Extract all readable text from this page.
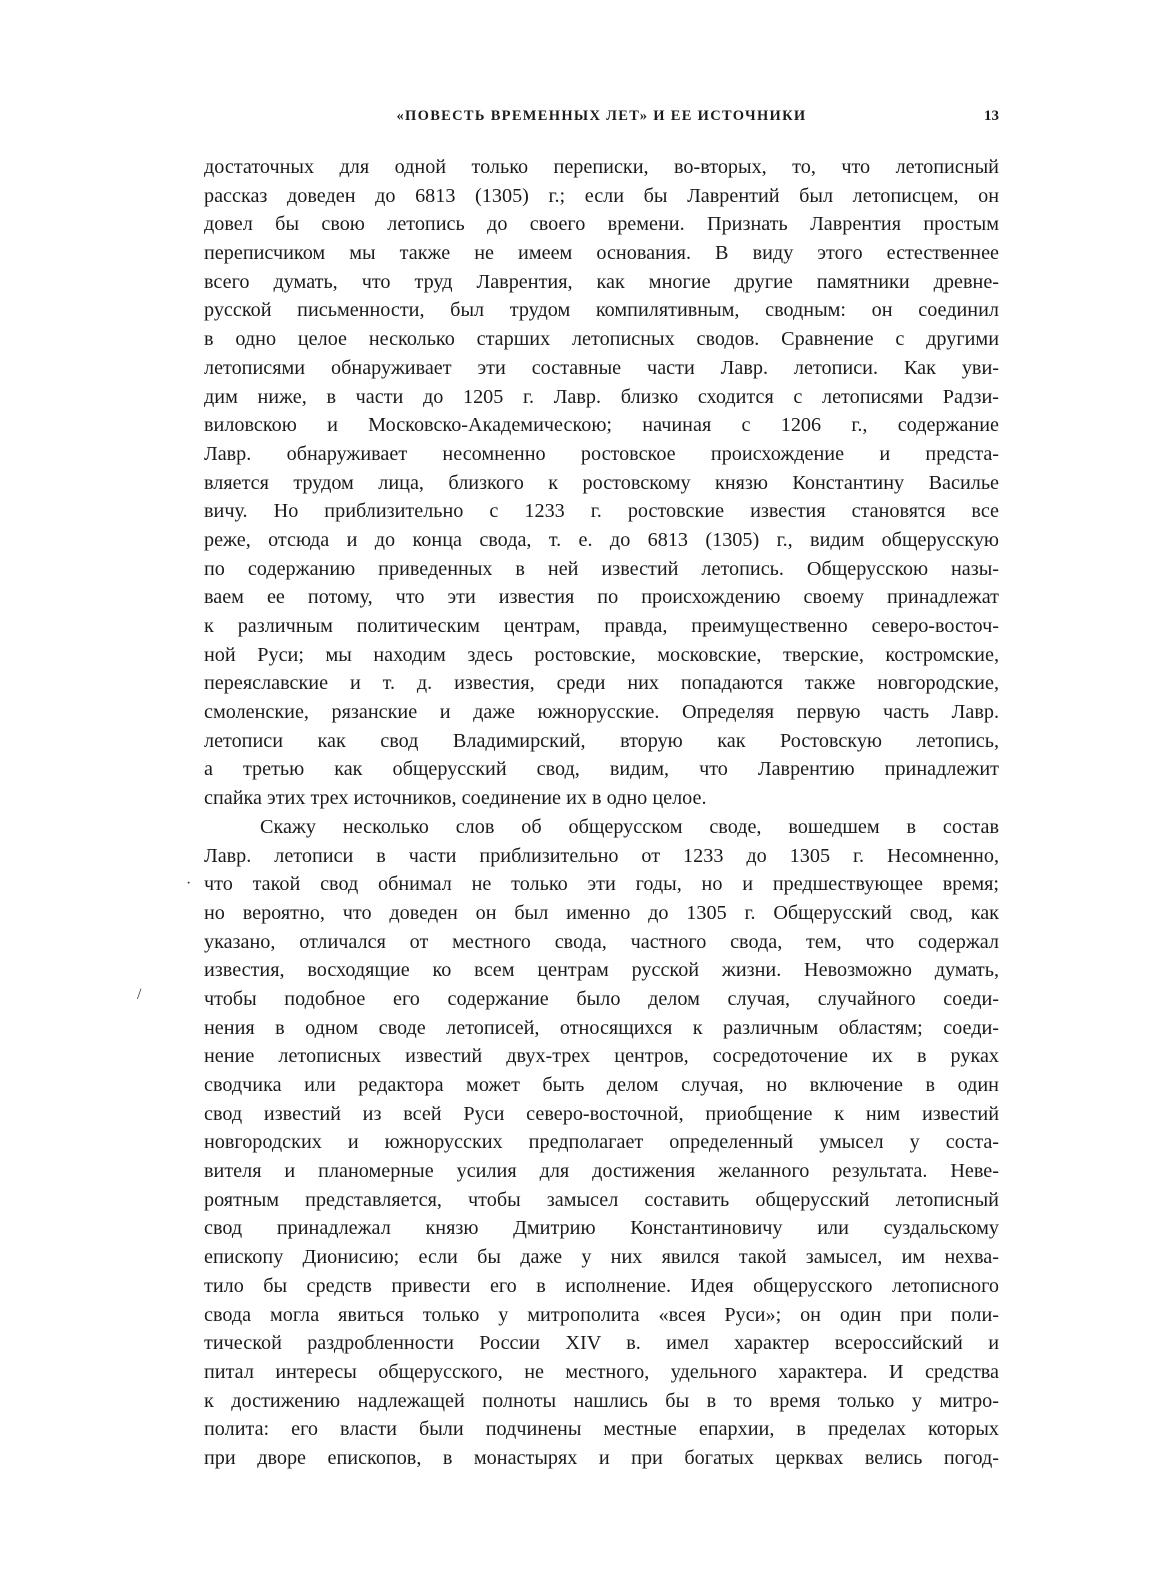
«ПОВЕСТЬ ВРЕМЕННЫХ ЛЕТ» И ЕЕ ИСТОЧНИКИ	13
·
/
достаточных для одной только переписки, во-вторых, то, что летописный
рассказ доведен до 6813 (1305) г.; если бы Лаврентий был летописцем, он
довел бы свою летопись до своего времени. Признать Лаврентия простым
переписчиком мы также не имеем основания. В виду этого естественнее
всего думать, что труд Лаврентия, как многие другие памятники древне-
русской письменности, был трудом компилятивным, сводным: он соединил
в одно целое несколько старших летописных сводов. Сравнение с другими
летописями обнаруживает эти составные части Лавр. летописи. Как уви-
дим ниже, в части до 1205 г. Лавр. близко сходится с летописями Радзи-
виловскою и Московско-Академическою; начиная с 1206 г., содержание
Лавр. обнаруживает несомненно ростовское происхождение и предста-
вляется трудом лица, близкого к ростовскому князю Константину Василье
вичу. Но приблизительно с 1233 г. ростовские известия становятся все
реже, отсюда и до конца свода, т. е. до 6813 (1305) г., видим общерусскую
по содержанию приведенных в ней известий летопись. Общерусскою назы-
ваем ее потому, что эти известия по происхождению своему принадлежат
к различным политическим центрам, правда, преимущественно северо-восточ-
ной Руси; мы находим здесь ростовские, московские, тверские, костромские,
переяславские и т. д. известия, среди них попадаются также новгородские,
смоленские, рязанские и даже южнорусские. Определяя первую часть Лавр.
летописи как свод Владимирский, вторую как Ростовскую летопись,
а третью как общерусский свод, видим, что Лаврентию принадлежит
спайка этих трех источников, соединение их в одно целое.
Скажу несколько слов об общерусском своде, вошедшем в состав
Лавр. летописи в части приблизительно от 1233 до 1305 г. Несомненно,
что такой свод обнимал не только эти годы, но и предшествующее время;
но вероятно, что доведен он был именно до 1305 г. Общерусский свод, как
указано, отличался от местного свода, частного свода, тем, что содержал
известия, восходящие ко всем центрам русской жизни. Невозможно думать,
чтобы подобное его содержание было делом случая, случайного соеди-
нения в одном своде летописей, относящихся к различным областям; соеди-
нение летописных известий двух-трех центров, сосредоточение их в руках
сводчика или редактора может быть делом случая, но включение в один
свод известий из всей Руси северо-восточной, приобщение к ним известий
новгородских и южнорусских предполагает определенный умысел у соста-
вителя и планомерные усилия для достижения желанного результата. Неве-
роятным представляется, чтобы замысел составить общерусский летописный
свод принадлежал князю Дмитрию Константиновичу или суздальскому
епископу Дионисию; если бы даже у них явился такой замысел, им нехва-
тило бы средств привести его в исполнение. Идея общерусского летописного
свода могла явиться только у митрополита «всея Руси»; он один при поли-
тической раздробленности России XIV в. имел характер всероссийский и
питал интересы общерусского, не местного, удельного характера. И средства
к достижению надлежащей полноты нашлись бы в то время только у митро-
полита: его власти были подчинены местные епархии, в пределах которых
при дворе епископов, в монастырях и при богатых церквах велись погод-
